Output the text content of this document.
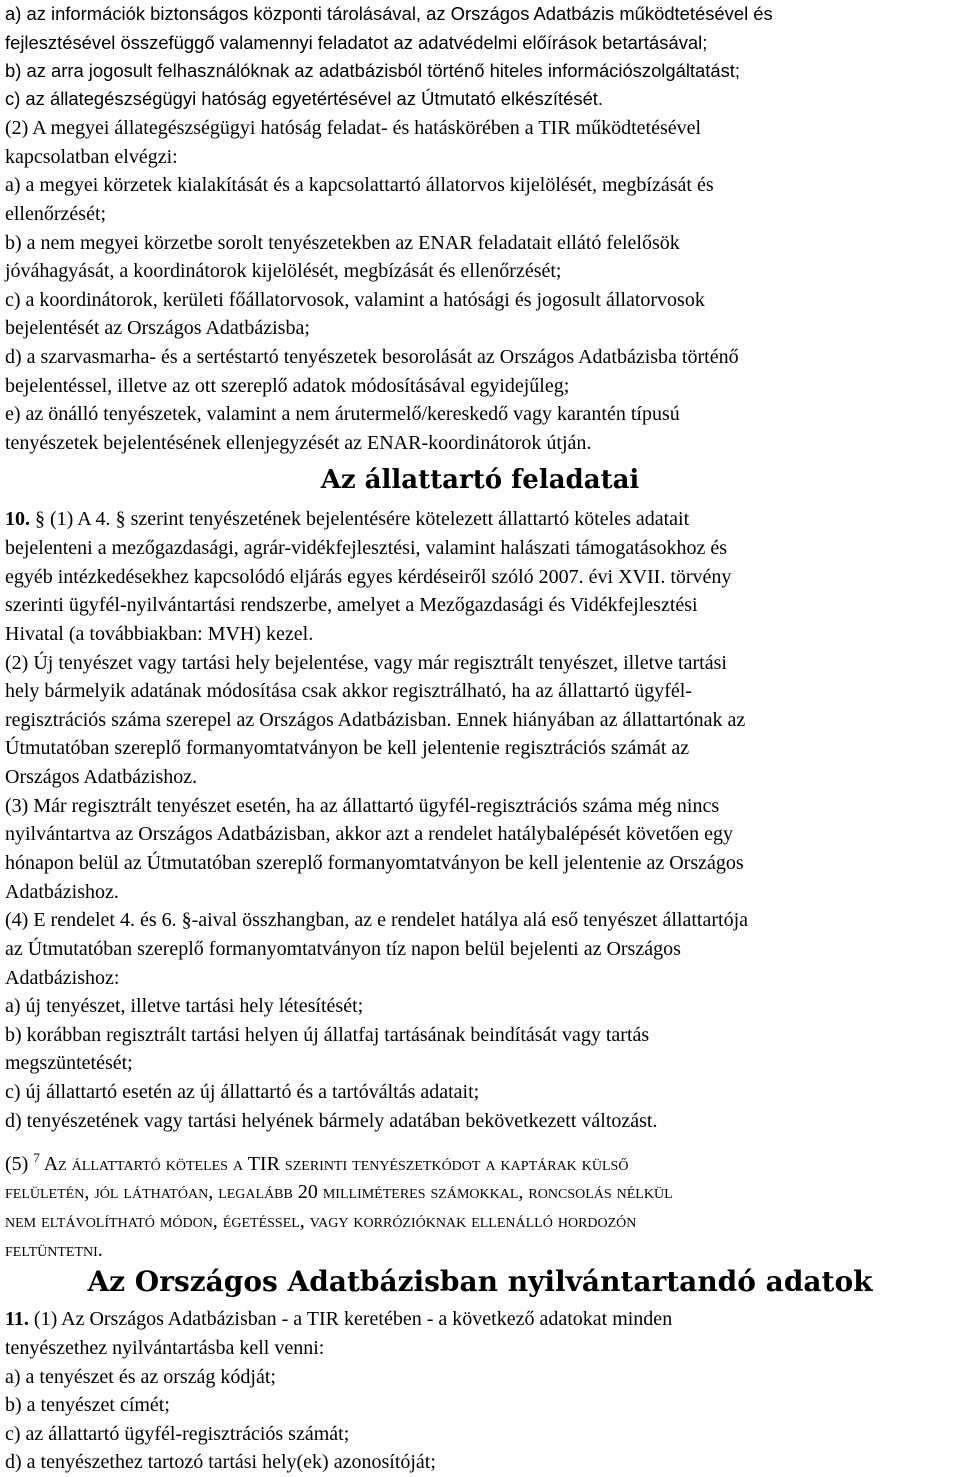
a) az információk biztonságos központi tárolásával, az Országos Adatbázis működtetésével és
fejlesztésével összefüggő valamennyi feladatot az adatvédelmi előírások betartásával;
b) az arra jogosult felhasználóknak az adatbázisból történő hiteles információszolgáltatást;
c) az állategészségügyi hatóság egyetértésével az Útmutató elkészítését.
(2) A megyei állategészségügyi hatóság feladat- és hatáskörében a TIR működtetésével
kapcsolatban elvégzi:
a) a megyei körzetek kialakítását és a kapcsolattartó állatorvos kijelölését, megbízását és
ellenőrzését;
b) a nem megyei körzetbe sorolt tenyészetekben az ENAR feladatait ellátó felelősök
jóváhagyását, a koordinátorok kijelölését, megbízását és ellenőrzését;
c) a koordinátorok, kerületi főállatorvosok, valamint a hatósági és jogosult állatorvosok
bejelentését az Országos Adatbázisba;
d) a szarvasmarha- és a sertéstartó tenyészetek besorolását az Országos Adatbázisba történő
bejelentéssel, illetve az ott szereplő adatok módosításával egyidejűleg;
e) az önálló tenyészetek, valamint a nem árutermelő/kereskedő vagy karantén típusú
tenyészetek bejelentésének ellenjegyzését az ENAR-koordinátorok útján.
Az állattartó feladatai
10. § (1) A 4. § szerint tenyészetének bejelentésére kötelezett állattartó köteles adatait
bejelenteni a mezőgazdasági, agrár-vidékfejlesztési, valamint halászati támogatásokhoz és
egyéb intézkedésekhez kapcsolódó eljárás egyes kérdéseiről szóló 2007. évi XVII. törvény
szerinti ügyfél-nyilvántartási rendszerbe, amelyet a Mezőgazdasági és Vidékfejlesztési
Hivatal (a továbbiakban: MVH) kezel.
(2) Új tenyészet vagy tartási hely bejelentése, vagy már regisztrált tenyészet, illetve tartási
hely bármelyik adatának módosítása csak akkor regisztrálható, ha az állattartó ügyfél-
regisztrációs száma szerepel az Országos Adatbázisban. Ennek hiányában az állattartónak az
Útmutatóban szereplő formanyomtatványon be kell jelentenie regisztrációs számát az
Országos Adatbázishoz.
(3) Már regisztrált tenyészet esetén, ha az állattartó ügyfél-regisztrációs száma még nincs
nyilvántartva az Országos Adatbázisban, akkor azt a rendelet hatálybalépését követően egy
hónapon belül az Útmutatóban szereplő formanyomtatványon be kell jelentenie az Országos
Adatbázishoz.
(4) E rendelet 4. és 6. §-aival összhangban, az e rendelet hatálya alá eső tenyészet állattartója
az Útmutatóban szereplő formanyomtatványon tíz napon belül bejelenti az Országos
Adatbázishoz:
a) új tenyészet, illetve tartási hely létesítését;
b) korábban regisztrált tartási helyen új állatfaj tartásának beindítását vagy tartás
megszüntetését;
c) új állattartó esetén az új állattartó és a tartóváltás adatait;
d) tenyészetének vagy tartási helyének bármely adatában bekövetkezett változást.
(5) $^7$ Az állattartó köteles a TIR szerinti tenyészetkódot a kaptárak külső
felületén, jól láthatóan, legalább 20 milliméteres számokkal, roncsolás nélkül
nem eltávolítható módon, égetéssel, vagy korrózióknak ellenálló hordozón
feltüntetni.
Az Országos Adatbázisban nyilvántartandó adatok
11. (1) Az Országos Adatbázisban - a TIR keretében - a következő adatokat minden
tenyészethez nyilvántartásba kell venni:
a) a tenyészet és az ország kódját;
b) a tenyészet címét;
c) az állattartó ügyfél-regisztrációs számát;
d) a tenyészethez tartozó tartási hely(ek) azonosítóját;
